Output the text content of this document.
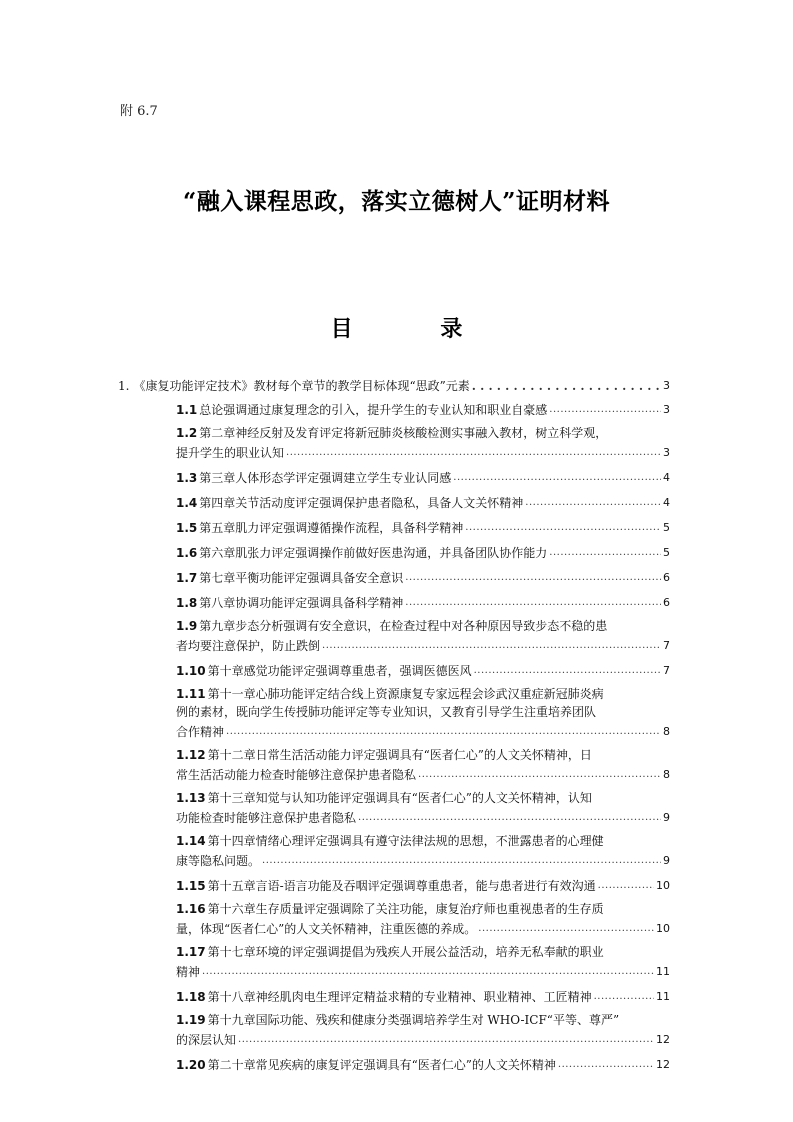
附 6.7
“融入课程思政，落实立德树人”证明材料
目 录
1. 《康复功能评定技术》教材每个章节的教学目标体现“思政”元素 . . .	3
1.1 总论强调通过康复理念的引入，提升学生的专业认知和职业自豪感 .....	3
1.2 第二章神经反射及发育评定将新冠肺炎核酸检测实事融入教材，树立科学观，
提升学生的职业认知 .....	3
1.3 第三章人体形态学评定强调建立学生专业认同感 .....	4
1.4 第四章关节活动度评定强调保护患者隐私，具备人文关怀精神 .....	4
1.5 第五章肌力评定强调遵循操作流程，具备科学精神 .....	5
1.6 第六章肌张力评定强调操作前做好医患沟通，并具备团队协作能力 .....	5
1.7 第七章平衡功能评定强调具备安全意识 .....	6
1.8 第八章协调功能评定强调具备科学精神 .....	6
1.9 第九章步态分析强调有安全意识，在检查过程中对各种原因导致步态不稳的患
者均要注意保护，防止跌倒 .....	7
1.10 第十章感觉功能评定强调尊重患者，强调医德医风 .....	7
1.11 第十一章心肺功能评定结合线上资源康复专家远程会诊武汉重症新冠肺炎病
例的素材，既向学生传授肺功能评定等专业知识，又教育引导学生注重培养团队
合作精神 .....	8
1.12 第十二章日常生活活动能力评定强调具有“医者仁心”的人文关怀精神，日
常生活活动能力检查时能够注意保护患者隐私 .....	8
1.13 第十三章知觉与认知功能评定强调具有“医者仁心”的人文关怀精神，认知
功能检查时能够注意保护患者隐私 .....	9
1.14 第十四章情绪心理评定强调具有遵守法律法规的思想，不泄露患者的心理健
康等隐私问题。 .....	9
1.15 第十五章言语-语言功能及吞咽评定强调尊重患者，能与患者进行有效沟通 .....	10
1.16 第十六章生存质量评定强调除了关注功能，康复治疗师也重视患者的生存质
量，体现“医者仁心”的人文关怀精神，注重医德的养成。 .....	10
1.17 第十七章环境的评定强调提倡为残疾人开展公益活动，培养无私奉献的职业
精神 .....	11
1.18 第十八章神经肌肉电生理评定精益求精的专业精神、职业精神、工匠精神 .....	11
1.19 第十九章国际功能、残疾和健康分类强调培养学生对 WHO-ICF“平等、尊严”
的深层认知 .....	12
1.20 第二十章常见疾病的康复评定强调具有“医者仁心”的人文关怀精神 .....	12
